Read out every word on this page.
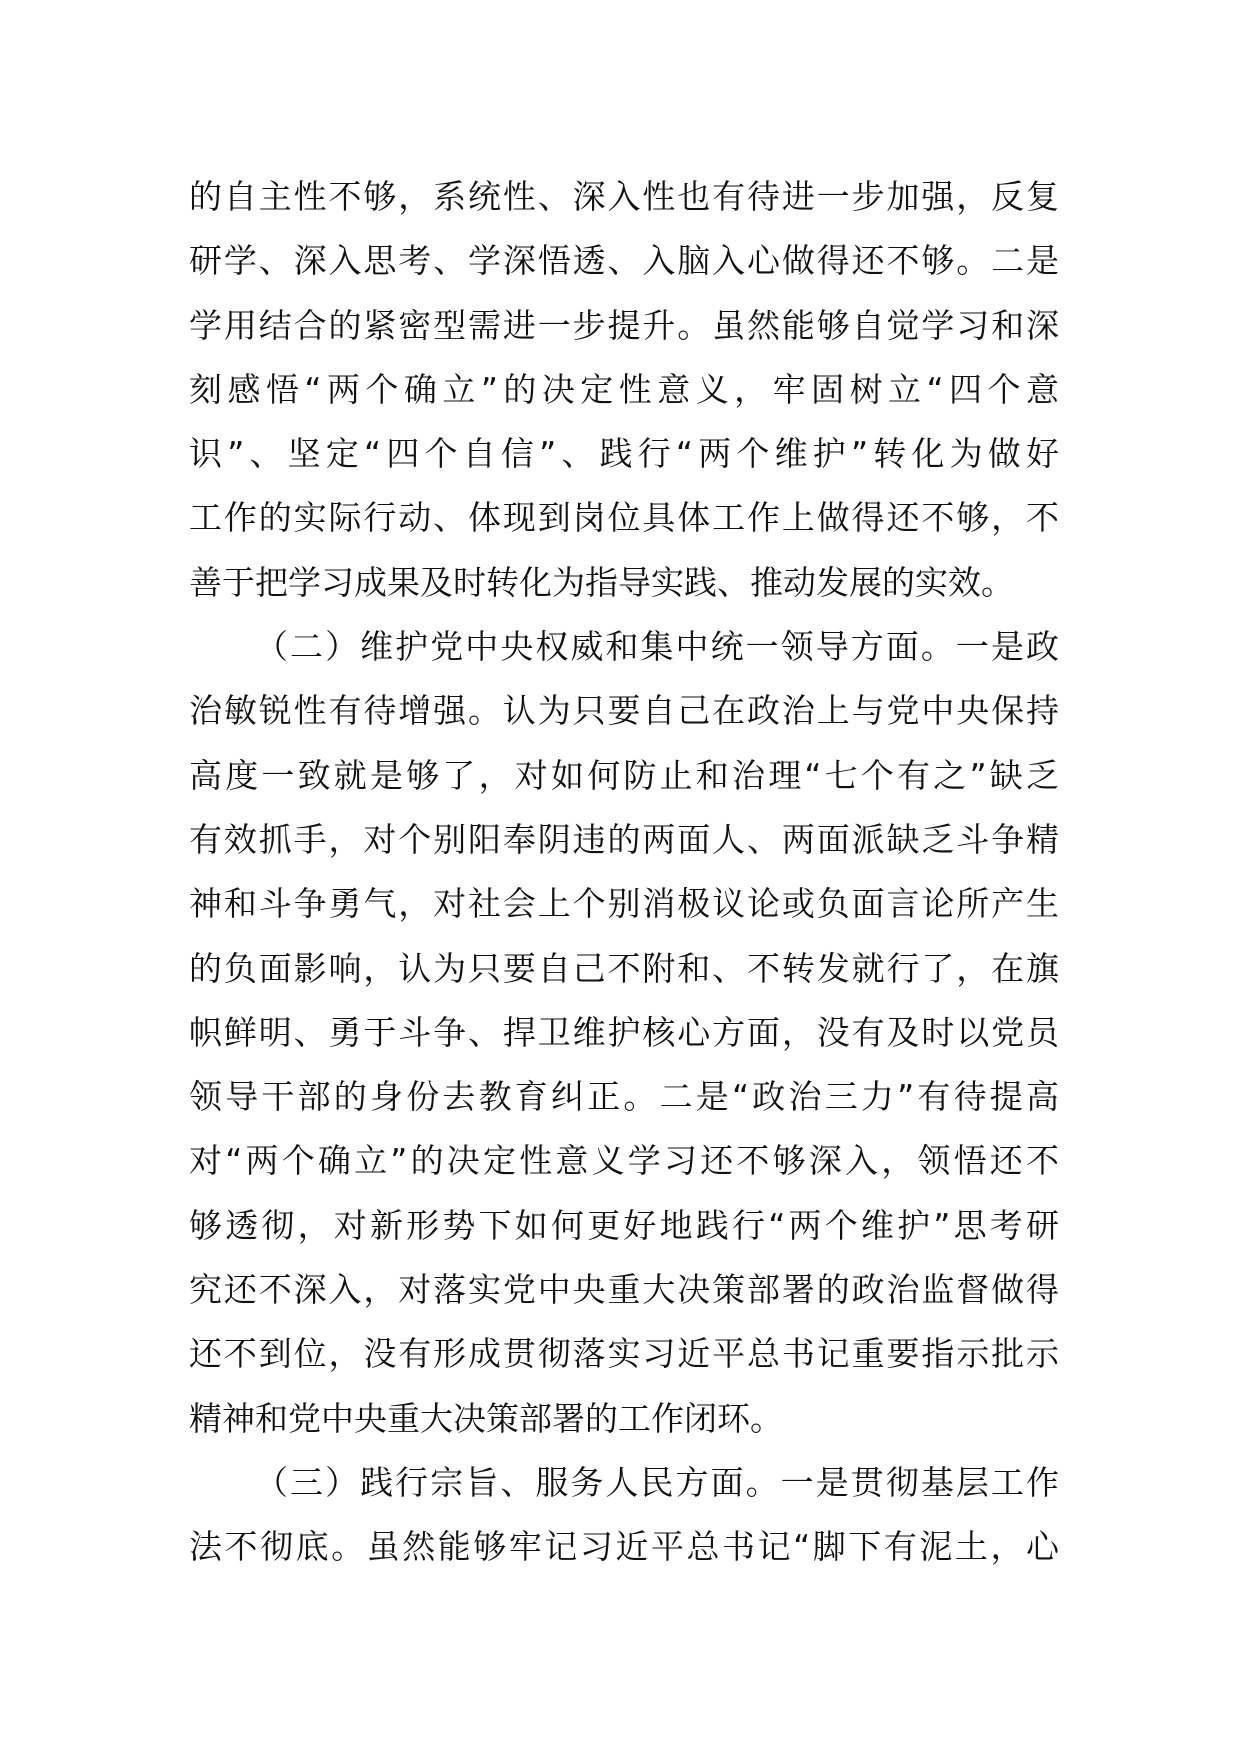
的自主性不够，系统性、深入性也有待进一步加强，反复
研学、深入思考、学深悟透、入脑入心做得还不够。二是
学用结合的紧密型需进一步提升。虽然能够自觉学习和深
刻感悟“两个确立”的决定性意义，牢固树立“四个意
识”、坚定“四个自信”、践行“两个维护”转化为做好
工作的实际行动、体现到岗位具体工作上做得还不够，不
善于把学习成果及时转化为指导实践、推动发展的实效。
（二）维护党中央权威和集中统一领导方面。一是政
治敏锐性有待增强。认为只要自己在政治上与党中央保持
高度一致就是够了，对如何防止和治理“七个有之”缺乏
有效抓手，对个别阳奉阴违的两面人、两面派缺乏斗争精
神和斗争勇气，对社会上个别消极议论或负面言论所产生
的负面影响，认为只要自己不附和、不转发就行了，在旗
帜鲜明、勇于斗争、捍卫维护核心方面，没有及时以党员
领导干部的身份去教育纠正。二是“政治三力”有待提高
对“两个确立”的决定性意义学习还不够深入，领悟还不
够透彻，对新形势下如何更好地践行“两个维护”思考研
究还不深入，对落实党中央重大决策部署的政治监督做得
还不到位，没有形成贯彻落实习近平总书记重要指示批示
精神和党中央重大决策部署的工作闭环。
（三）践行宗旨、服务人民方面。一是贯彻基层工作
法不彻底。虽然能够牢记习近平总书记“脚下有泥土，心
